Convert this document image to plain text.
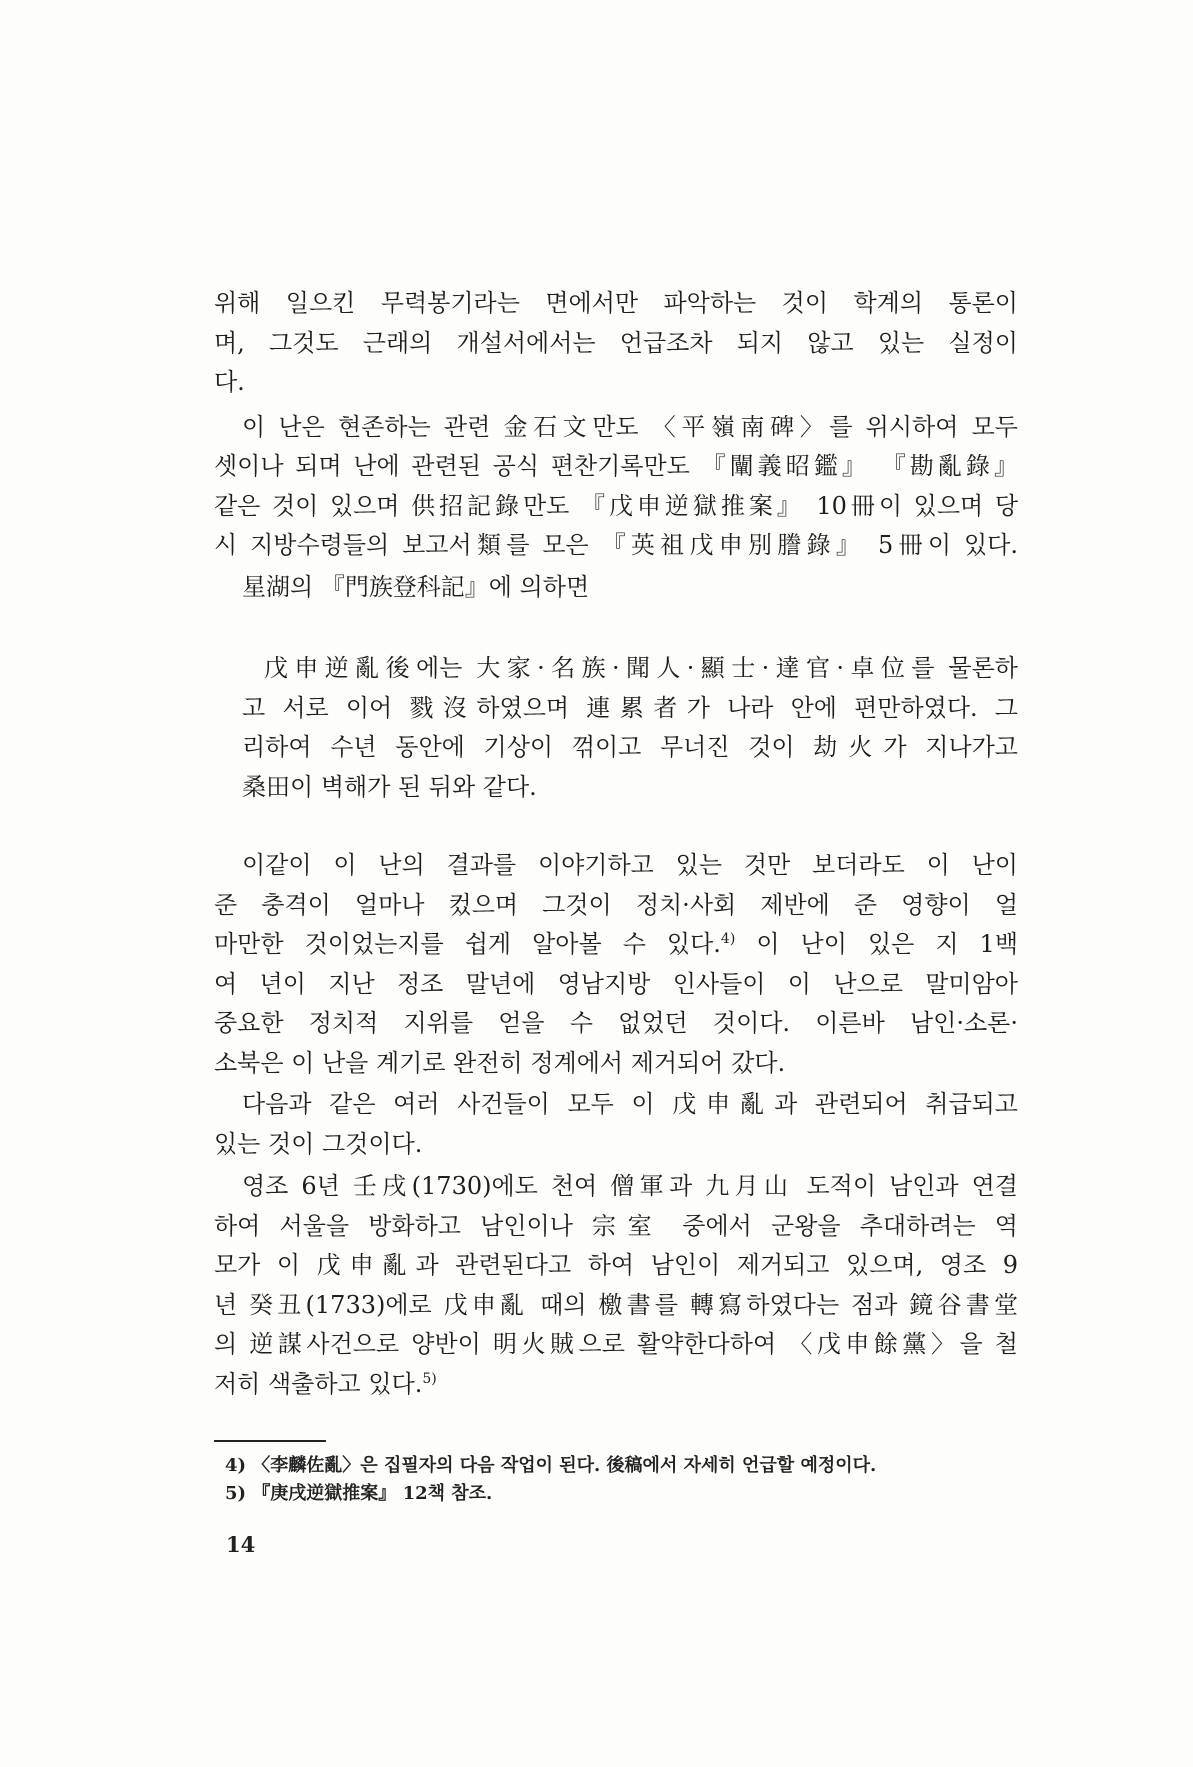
위해 일으킨 무력봉기라는 면에서만 파악하는 것이 학계의 통론이
며, 그것도 근래의 개설서에서는 언급조차 되지 않고 있는 실정이
다.
이 난은 현존하는 관련 金石文만도 〈平嶺南碑〉를 위시하여 모두
셋이나 되며 난에 관련된 공식 편찬기록만도 『闡義昭鑑』 『勘亂錄』
같은 것이 있으며 供招記錄만도 『戊申逆獄推案』 10冊이 있으며 당
시 지방수령들의 보고서類를 모은 『英祖戊申別謄錄』 5冊이 있다.
星湖의 『門族登科記』에 의하면
戊申逆亂後에는 大家·名族·聞人·顯士·達官·卓位를 물론하
고 서로 이어 戮沒하였으며 連累者가 나라 안에 편만하였다. 그
리하여 수년 동안에 기상이 꺾이고 무너진 것이 劫火가 지나가고
桑田이 벽해가 된 뒤와 같다.
이같이 이 난의 결과를 이야기하고 있는 것만 보더라도 이 난이
준 충격이 얼마나 컸으며 그것이 정치·사회 제반에 준 영향이 얼
마만한 것이었는지를 쉽게 알아볼 수 있다.$^{4)}$ 이 난이 있은 지 1백
여 년이 지난 정조 말년에 영남지방 인사들이 이 난으로 말미암아
중요한 정치적 지위를 얻을 수 없었던 것이다. 이른바 남인·소론·
소북은 이 난을 계기로 완전히 정계에서 제거되어 갔다.
다음과 같은 여러 사건들이 모두 이 戊申亂과 관련되어 취급되고
있는 것이 그것이다.
영조 6년 壬戌(1730)에도 천여 僧軍과 九月山 도적이 남인과 연결
하여 서울을 방화하고 남인이나 宗室 중에서 군왕을 추대하려는 역
모가 이 戊申亂과 관련된다고 하여 남인이 제거되고 있으며, 영조 9
년 癸丑(1733)에로 戊申亂 때의 檄書를 轉寫하였다는 점과 鏡谷書堂
의 逆謀사건으로 양반이 明火賊으로 활약한다하여 〈戊申餘黨〉을 철
저히 색출하고 있다.$^{5)}$
4) 〈李麟佐亂〉은 집필자의 다음 작업이 된다. 後稿에서 자세히 언급할 예정이다.
5) 『庚戌逆獄推案』 12책 참조.
14
